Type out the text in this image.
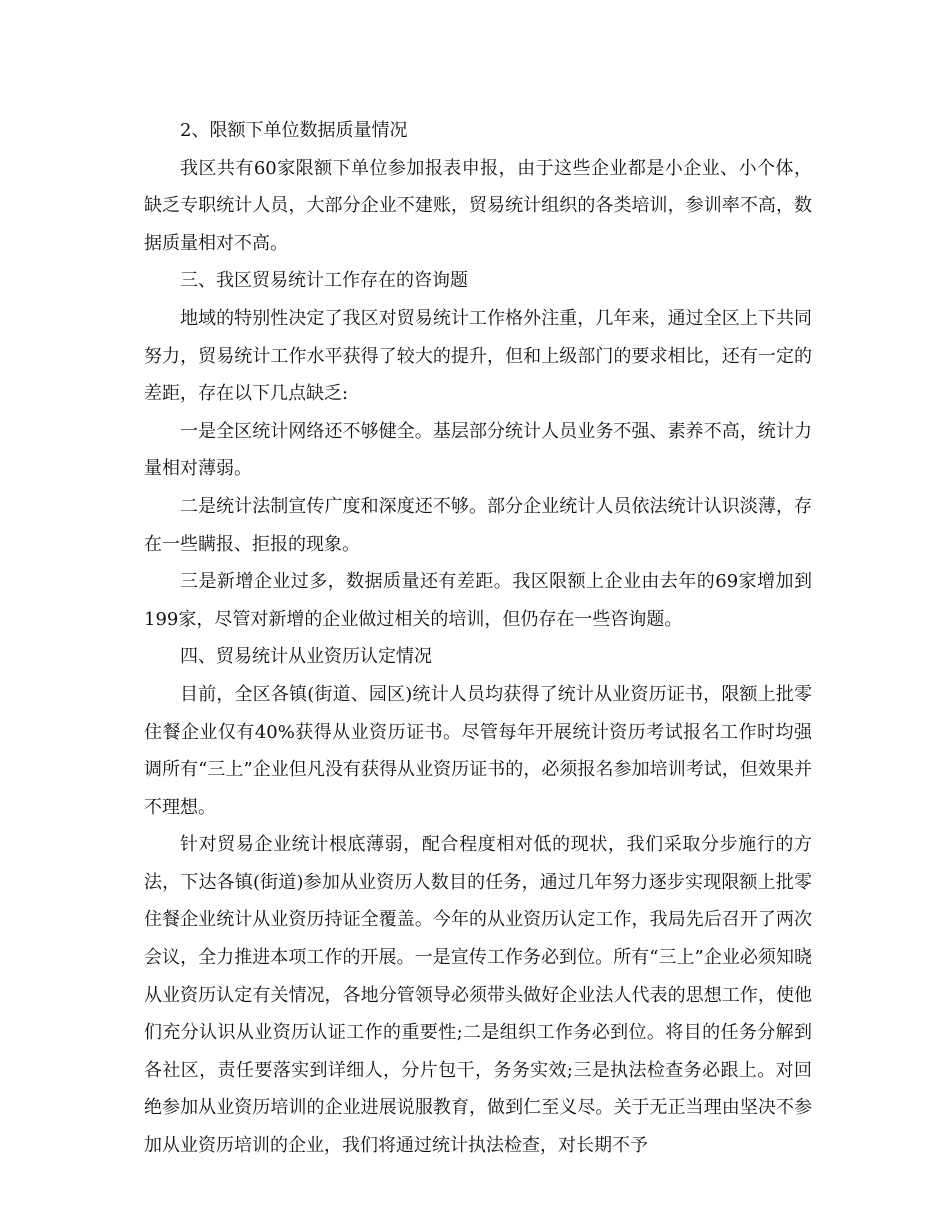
2、限额下单位数据质量情况

我区共有60家限额下单位参加报表申报，由于这些企业都是小企业、小个体，缺乏专职统计人员，大部分企业不建账，贸易统计组织的各类培训，参训率不高，数据质量相对不高。

三、我区贸易统计工作存在的咨询题

地域的特别性决定了我区对贸易统计工作格外注重，几年来，通过全区上下共同努力，贸易统计工作水平获得了较大的提升，但和上级部门的要求相比，还有一定的差距，存在以下几点缺乏:

一是全区统计网络还不够健全。基层部分统计人员业务不强、素养不高，统计力量相对薄弱。

二是统计法制宣传广度和深度还不够。部分企业统计人员依法统计认识淡薄，存在一些瞒报、拒报的现象。

三是新增企业过多，数据质量还有差距。我区限额上企业由去年的69家增加到199家，尽管对新增的企业做过相关的培训，但仍存在一些咨询题。

四、贸易统计从业资历认定情况

目前，全区各镇(街道、园区)统计人员均获得了统计从业资历证书，限额上批零住餐企业仅有40%获得从业资历证书。尽管每年开展统计资历考试报名工作时均强调所有“三上”企业但凡没有获得从业资历证书的，必须报名参加培训考试，但效果并不理想。

针对贸易企业统计根底薄弱，配合程度相对低的现状，我们采取分步施行的方法，下达各镇(街道)参加从业资历人数目的任务，通过几年努力逐步实现限额上批零住餐企业统计从业资历持证全覆盖。今年的从业资历认定工作，我局先后召开了两次会议，全力推进本项工作的开展。一是宣传工作务必到位。所有“三上”企业必须知晓从业资历认定有关情况，各地分管领导必须带头做好企业法人代表的思想工作，使他们充分认识从业资历认证工作的重要性;二是组织工作务必到位。将目的任务分解到各社区，责任要落实到详细人，分片包干，务务实效;三是执法检查务必跟上。对回绝参加从业资历培训的企业进展说服教育，做到仁至义尽。关于无正当理由坚决不参加从业资历培训的企业，我们将通过统计执法检查，对长期不予
